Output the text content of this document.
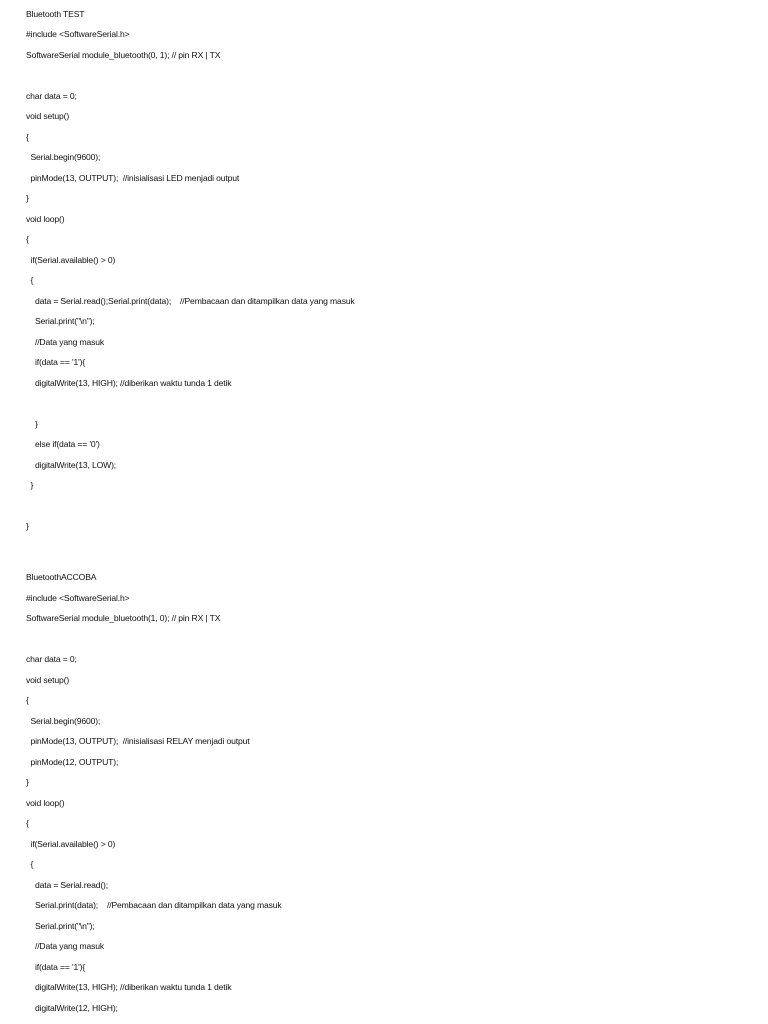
Bluetooth TEST
#include <SoftwareSerial.h>
SoftwareSerial module_bluetooth(0, 1); // pin RX | TX
char data = 0;
void setup()
{
Serial.begin(9600);
pinMode(13, OUTPUT);  //inisialisasi LED menjadi output
}
void loop()
{
if(Serial.available() > 0)
{
data = Serial.read();Serial.print(data);    //Pembacaan dan ditampilkan data yang masuk
Serial.print("\n");
//Data yang masuk
if(data == '1'){
digitalWrite(13, HIGH); //diberikan waktu tunda 1 detik
}
else if(data == '0')
digitalWrite(13, LOW);
}
}
BluetoothACCOBA
#include <SoftwareSerial.h>
SoftwareSerial module_bluetooth(1, 0); // pin RX | TX
char data = 0;
void setup()
{
Serial.begin(9600);
pinMode(13, OUTPUT);  //inisialisasi RELAY menjadi output
pinMode(12, OUTPUT);
}
void loop()
{
if(Serial.available() > 0)
{
data = Serial.read();
Serial.print(data);    //Pembacaan dan ditampilkan data yang masuk
Serial.print("\n");
//Data yang masuk
if(data == '1'){
digitalWrite(13, HIGH); //diberikan waktu tunda 1 detik
digitalWrite(12, HIGH);
